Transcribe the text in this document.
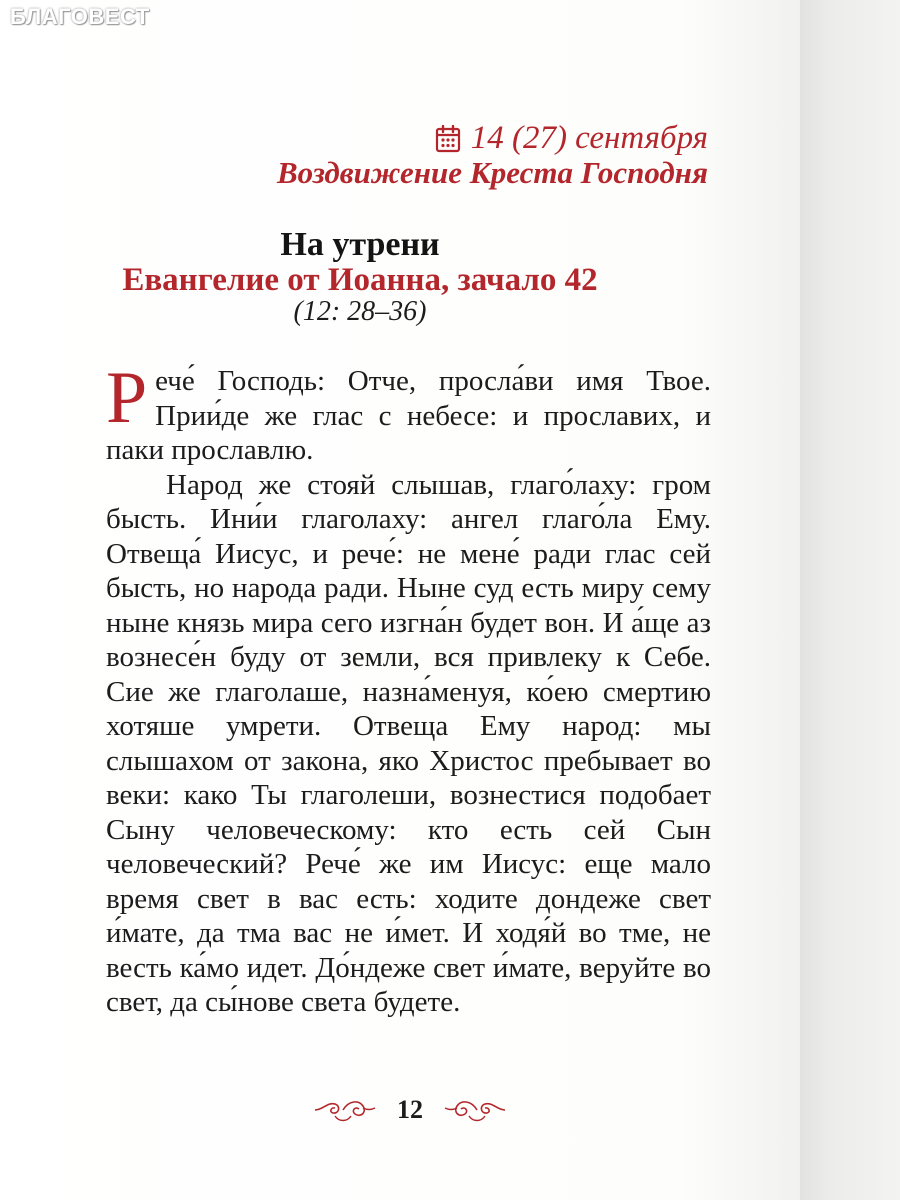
БЛАГОВЕСТ
14 (27) сентября
Воздвижение Креста Господня
На утрени
Евангелие от Иоанна, зачало 42
(12: 28–36)

Рече́ Господь: Отче, просла́ви имя Твое. Прии́де же глас с небесе: и прославих, и паки прославлю.

Народ же стояй слышав, глаго́лаху: гром бысть. Ини́и глаголаху: ангел глаго́ла Ему. Отвеща́ Иисус, и рече́: не мене́ ради глас сей бысть, но народа ради. Ныне суд есть миру сему ныне князь мира сего изгна́н будет вон. И а́ще аз вознесе́н буду от земли, вся привлеку к Себе. Сие же глаголаше, назна́менуя, ко́ею смертию хотяше умрети. Отвеща Ему народ: мы слышахом от закона, яко Христос пребывает во веки: како Ты глаголеши, вознестися подобает Сыну человеческому: кто есть сей Сын человеческий? Рече́ же им Иисус: еще мало время свет в вас есть: ходите дондеже свет и́мате, да тма вас не и́мет. И ходя́й во тме, не весть ка́мо идет. До́ндеже свет и́мате, веруйте во свет, да сы́нове света будете.

12
